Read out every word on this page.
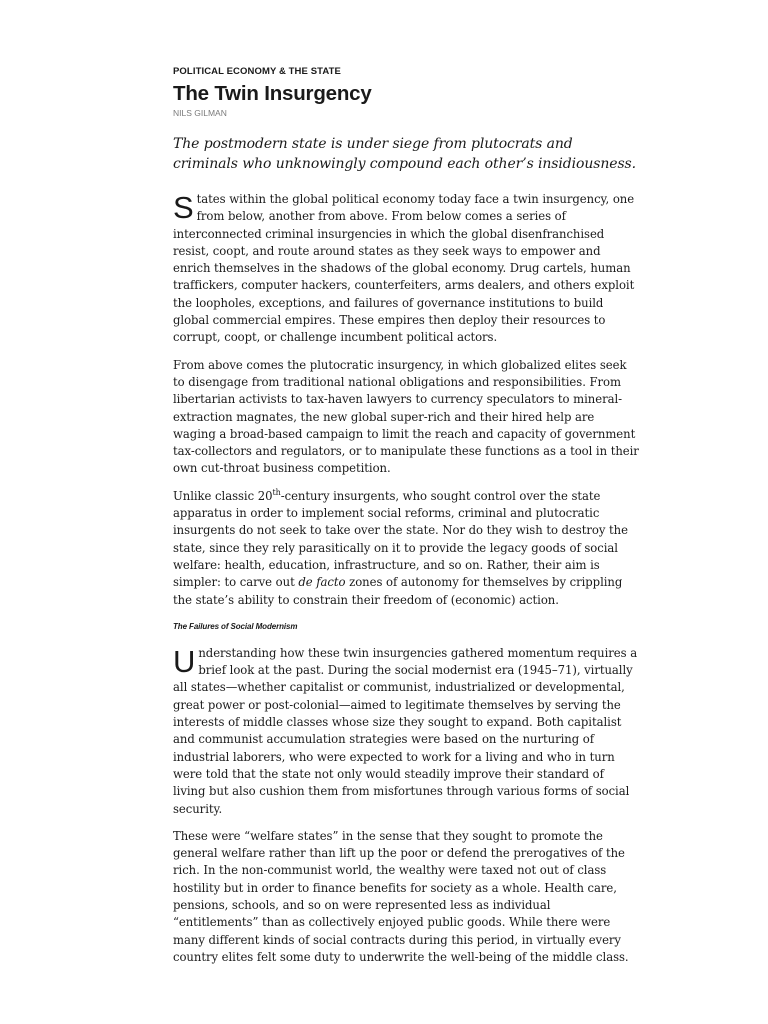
POLITICAL ECONOMY & THE STATE

The Twin Insurgency

NILS GILMAN

The postmodern state is under siege from plutocrats and criminals who unknowingly compound each other’s insidiousness.

States within the global political economy today face a twin insurgency, one from below, another from above. From below comes a series of interconnected criminal insurgencies in which the global disenfranchised resist, coopt, and route around states as they seek ways to empower and enrich themselves in the shadows of the global economy. Drug cartels, human traffickers, computer hackers, counterfeiters, arms dealers, and others exploit the loopholes, exceptions, and failures of governance institutions to build global commercial empires. These empires then deploy their resources to corrupt, coopt, or challenge incumbent political actors.

From above comes the plutocratic insurgency, in which globalized elites seek to disengage from traditional national obligations and responsibilities. From libertarian activists to tax-haven lawyers to currency speculators to mineral-extraction magnates, the new global super-rich and their hired help are waging a broad-based campaign to limit the reach and capacity of government tax-collectors and regulators, or to manipulate these functions as a tool in their own cut-throat business competition.

Unlike classic 20th-century insurgents, who sought control over the state apparatus in order to implement social reforms, criminal and plutocratic insurgents do not seek to take over the state. Nor do they wish to destroy the state, since they rely parasitically on it to provide the legacy goods of social welfare: health, education, infrastructure, and so on. Rather, their aim is simpler: to carve out de facto zones of autonomy for themselves by crippling the state’s ability to constrain their freedom of (economic) action.

The Failures of Social Modernism

Understanding how these twin insurgencies gathered momentum requires a brief look at the past. During the social modernist era (1945–71), virtually all states—whether capitalist or communist, industrialized or developmental, great power or post-colonial—aimed to legitimate themselves by serving the interests of middle classes whose size they sought to expand. Both capitalist and communist accumulation strategies were based on the nurturing of industrial laborers, who were expected to work for a living and who in turn were told that the state not only would steadily improve their standard of living but also cushion them from misfortunes through various forms of social security.

These were “welfare states” in the sense that they sought to promote the general welfare rather than lift up the poor or defend the prerogatives of the rich. In the non-communist world, the wealthy were taxed not out of class hostility but in order to finance benefits for society as a whole. Health care, pensions, schools, and so on were represented less as individual “entitlements” than as collectively enjoyed public goods. While there were many different kinds of social contracts during this period, in virtually every country elites felt some duty to underwrite the well-being of the middle class.
